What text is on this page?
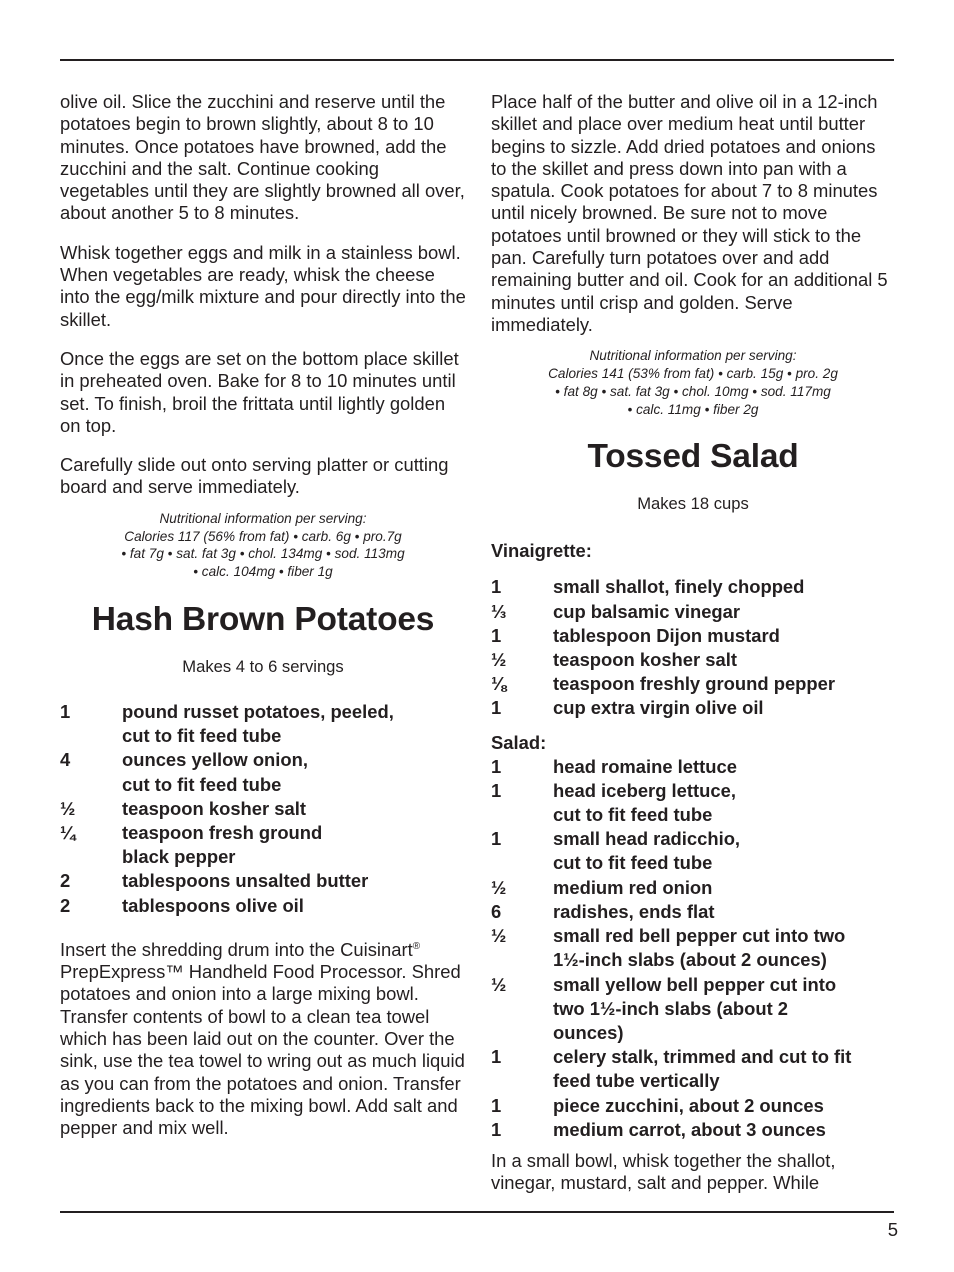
olive oil. Slice the zucchini and reserve until the potatoes begin to brown slightly, about 8 to 10 minutes. Once potatoes have browned, add the zucchini and the salt. Continue cooking vegetables until they are slightly browned all over, about another 5 to 8 minutes.

Whisk together eggs and milk in a stainless bowl. When vegetables are ready, whisk the cheese into the egg/milk mixture and pour directly into the skillet.

Once the eggs are set on the bottom place skillet in preheated oven. Bake for 8 to 10 minutes until set. To finish, broil the frittata until lightly golden on top.

Carefully slide out onto serving platter or cutting board and serve immediately.

Nutritional information per serving:
Calories 117 (56% from fat) • carb. 6g • pro.7g
• fat 7g • sat. fat 3g • chol. 134mg • sod. 113mg
• calc. 104mg • fiber 1g
Hash Brown Potatoes

Makes 4 to 6 servings

1	pound russet potatoes, peeled,
cut to fit feed tube
4	ounces yellow onion,
cut to fit feed tube
½	teaspoon kosher salt
¼	teaspoon fresh ground
black pepper
2	tablespoons unsalted butter
2	tablespoons olive oil

Insert the shredding drum into the Cuisinart® PrepExpress™ Handheld Food Processor. Shred potatoes and onion into a large mixing bowl. Transfer contents of bowl to a clean tea towel which has been laid out on the counter. Over the sink, use the tea towel to wring out as much liquid as you can from the potatoes and onion. Transfer ingredients back to the mixing bowl. Add salt and pepper and mix well.

Place half of the butter and olive oil in a 12-inch skillet and place over medium heat until butter begins to sizzle. Add dried potatoes and onions to the skillet and press down into pan with a spatula. Cook potatoes for about 7 to 8 minutes until nicely browned. Be sure not to move potatoes until browned or they will stick to the pan. Carefully turn potatoes over and add remaining butter and oil. Cook for an additional 5 minutes until crisp and golden. Serve immediately.

Nutritional information per serving:
Calories 141 (53% from fat) • carb. 15g • pro. 2g
• fat 8g • sat. fat 3g • chol. 10mg • sod. 117mg
• calc. 11mg • fiber 2g
Tossed Salad

Makes 18 cups

Vinaigrette:
1	small shallot, finely chopped
⅓	cup balsamic vinegar
1	tablespoon Dijon mustard
½	teaspoon kosher salt
⅛	teaspoon freshly ground pepper
1	cup extra virgin olive oil
Salad:
1	head romaine lettuce
1	head iceberg lettuce,
cut to fit feed tube
1	small head radicchio,
cut to fit feed tube
½	medium red onion
6	radishes, ends flat
½	small red bell pepper cut into two
1½-inch slabs (about 2 ounces)
½	small yellow bell pepper cut into
two 1½-inch slabs (about 2
ounces)
1	celery stalk, trimmed and cut to fit
feed tube vertically
1	piece zucchini, about 2 ounces
1	medium carrot, about 3 ounces

In a small bowl, whisk together the shallot, vinegar, mustard, salt and pepper. While

5
